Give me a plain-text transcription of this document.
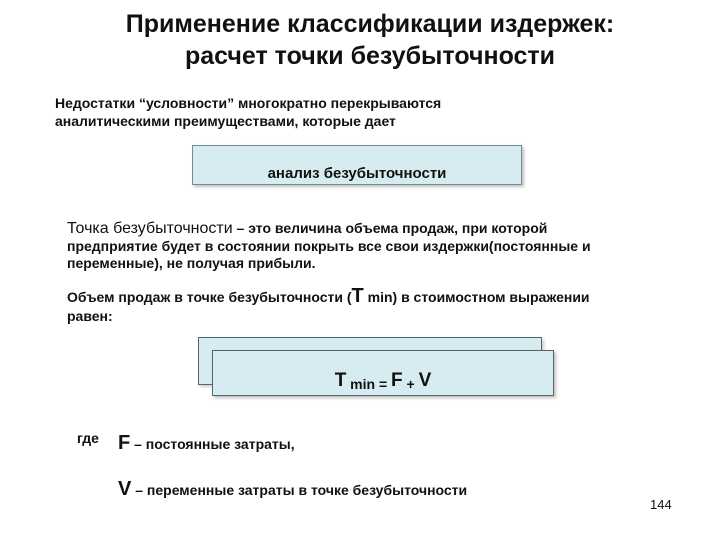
Применение классификации издержек:
расчет точки безубыточности
Недостатки “условности” многократно перекрываются
аналитическими преимуществами, которые дает
анализ безубыточности
Точка безубыточности – это величина объема продаж, при которой
предприятие будет в состоянии покрыть все свои издержки(постоянные и
переменные), не получая прибыли.
Объем продаж в точке безубыточности (T min) в стоимостном выражении
равен:
T min = F + V
где F – постоянные затраты,
V – переменные затраты в точке безубыточности
144
